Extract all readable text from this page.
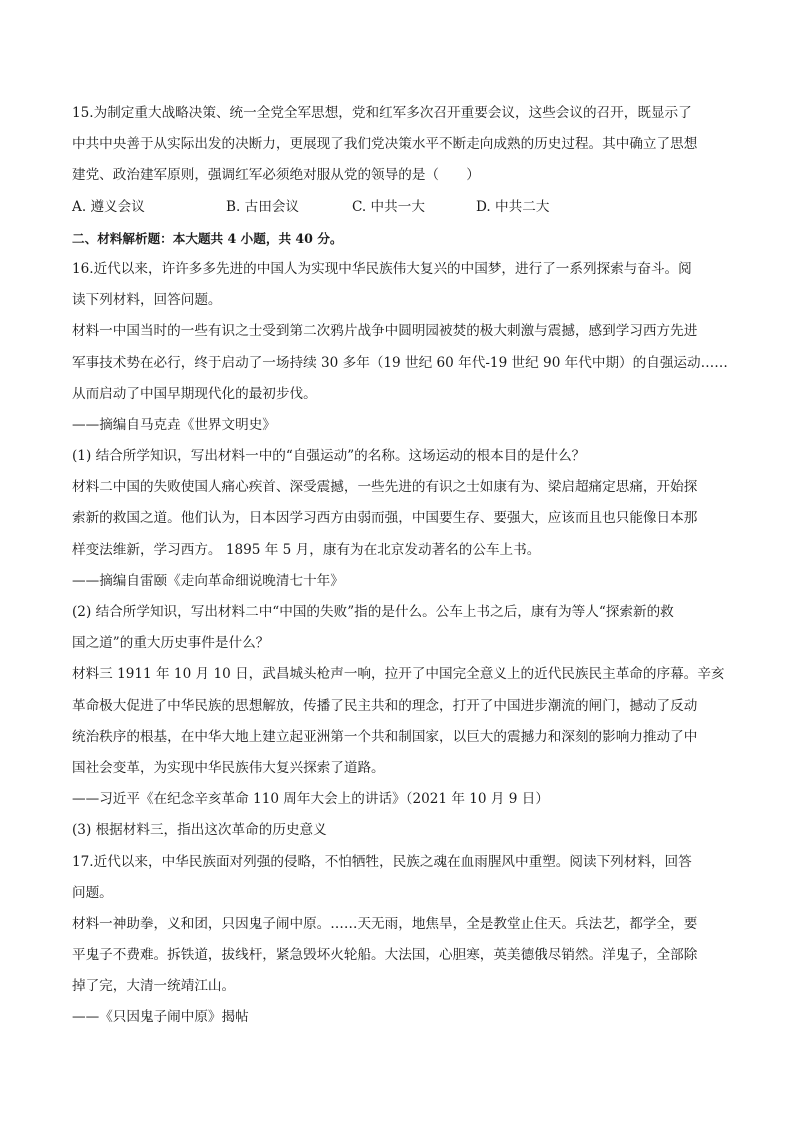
15.为制定重大战略决策、统一全党全军思想，党和红军多次召开重要会议，这些会议的召开，既显示了
中共中央善于从实际出发的决断力，更展现了我们党决策水平不断走向成熟的历史过程。其中确立了思想
建党、政治建军原则，强调红军必须绝对服从党的领导的是（　　）
A. 遵义会议	B. 古田会议	C. 中共一大	D. 中共二大
二、材料解析题：本大题共 4 小题，共 40 分。
16.近代以来，许许多多先进的中国人为实现中华民族伟大复兴的中国梦，进行了一系列探索与奋斗。阅
读下列材料，回答问题。
材料一中国当时的一些有识之士受到第二次鸦片战争中圆明园被焚的极大刺激与震撼，感到学习西方先进
军事技术势在必行，终于启动了一场持续 30 多年（19 世纪 60 年代-19 世纪 90 年代中期）的自强运动……
从而启动了中国早期现代化的最初步伐。
——摘编自马克垚《世界文明史》
(1) 结合所学知识，写出材料一中的“自强运动”的名称。这场运动的根本目的是什么？
材料二中国的失败使国人痛心疾首、深受震撼，一些先进的有识之士如康有为、梁启超痛定思痛，开始探
索新的救国之道。他们认为，日本因学习西方由弱而强，中国要生存、要强大，应该而且也只能像日本那
样变法维新，学习西方。 1895 年 5 月，康有为在北京发动著名的公车上书。
——摘编自雷颐《走向革命细说晚清七十年》
(2) 结合所学知识，写出材料二中“中国的失败”指的是什么。公车上书之后，康有为等人“探索新的救
国之道”的重大历史事件是什么？
材料三 1911 年 10 月 10 日，武昌城头枪声一响，拉开了中国完全意义上的近代民族民主革命的序幕。辛亥
革命极大促进了中华民族的思想解放，传播了民主共和的理念，打开了中国进步潮流的闸门，撼动了反动
统治秩序的根基，在中华大地上建立起亚洲第一个共和制国家，以巨大的震撼力和深刻的影响力推动了中
国社会变革，为实现中华民族伟大复兴探索了道路。
——习近平《在纪念辛亥革命 110 周年大会上的讲话》（2021 年 10 月 9 日）
(3) 根据材料三，指出这次革命的历史意义
17.近代以来，中华民族面对列强的侵略，不怕牺牲，民族之魂在血雨腥风中重塑。阅读下列材料，回答
问题。
材料一神助拳，义和团，只因鬼子闹中原。……天无雨，地焦旱，全是教堂止住天。兵法艺，都学全，要
平鬼子不费难。拆铁道，拔线杆，紧急毁坏火轮船。大法国，心胆寒，英美德俄尽销然。洋鬼子，全部除
掉了完，大清一统靖江山。
——《只因鬼子闹中原》揭帖
